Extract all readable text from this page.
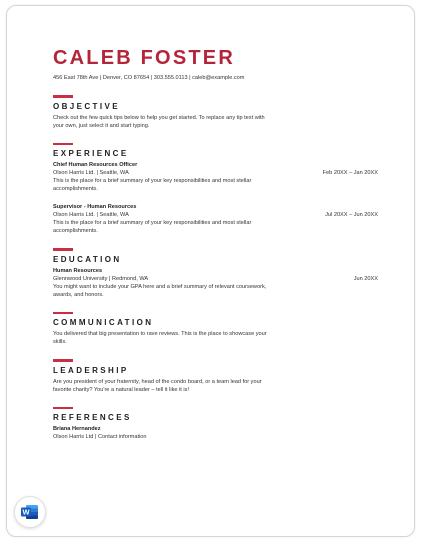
CALEB FOSTER
456 East 78th Ave | Denver, CO 87654 | 303.555.0113 | caleb@example.com
OBJECTIVE
Check out the few quick tips below to help you get started. To replace any tip text with
your own, just select it and start typing.
EXPERIENCE
Chief Human Resources Officer
Olson Harris Ltd. | Seattle, WA	Feb 20XX – Jan 20XX
This is the place for a brief summary of your key responsibilities and most stellar
accomplishments.
Supervisor - Human Resources
Olson Harris Ltd. | Seattle, WA	Jul 20XX – Jun 20XX
This is the place for a brief summary of your key responsibilities and most stellar
accomplishments.
EDUCATION
Human Resources
Glennwood University | Redmond, WA	Jun 20XX
You might want to include your GPA here and a brief summary of relevant coursework,
awards, and honors.
COMMUNICATION
You delivered that big presentation to rave reviews. This is the place to showcase your
skills.
LEADERSHIP
Are you president of your fraternity, head of the condo board, or a team lead for your
favorite charity? You're a natural leader – tell it like it is!
REFERENCES
Briana Hernandez
Olson Harris Ltd | Contact information
W
